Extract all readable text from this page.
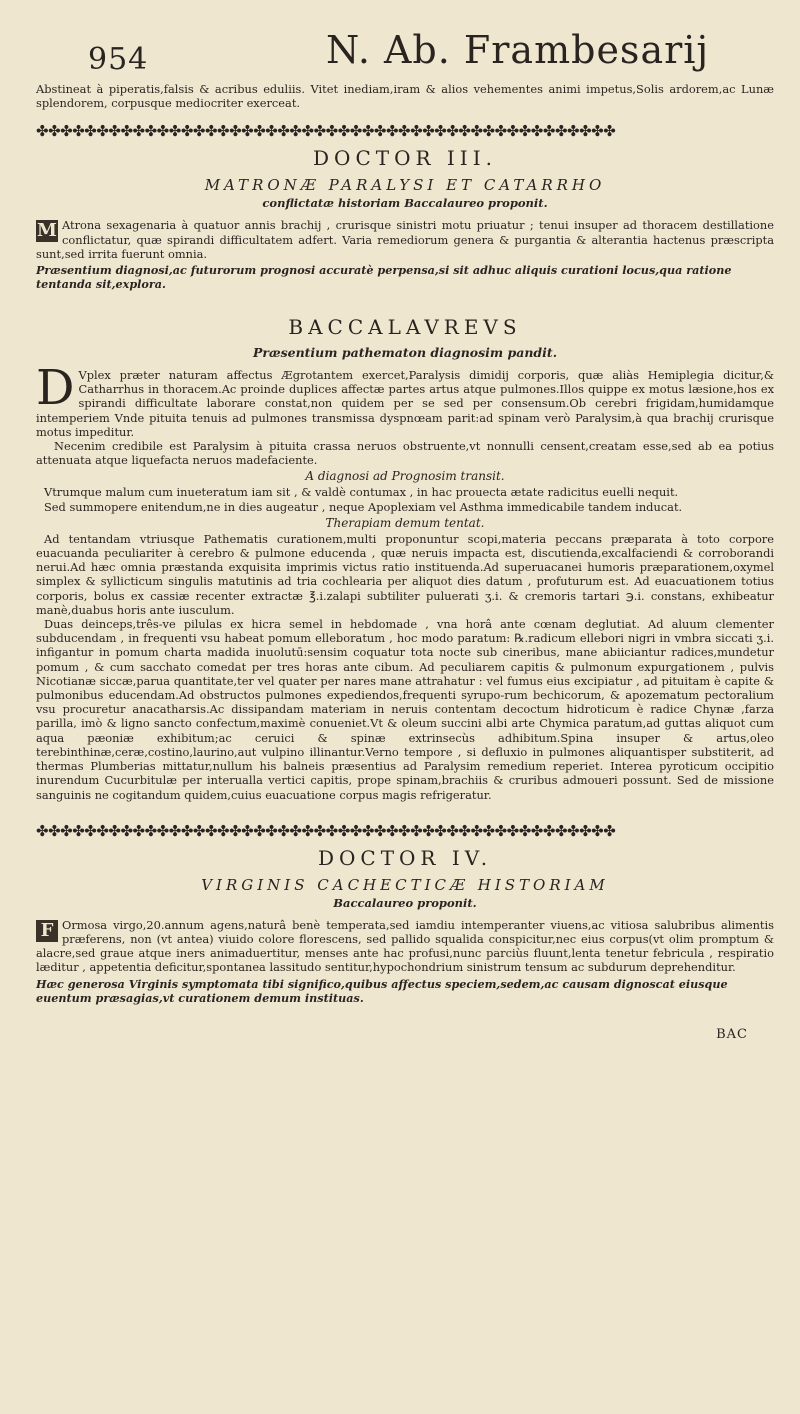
954	N. Ab. Frambesarij

Abstineat à piperatis,falsis & acribus eduliis. Vitet inediam,iram & alios vehementes animi impetus,Solis ardorem,ac Lunæ splendorem, corpusque mediocriter exerceat.

✤✤✤✤✤✤✤✤✤✤✤✤✤✤✤✤✤✤✤✤✤✤✤✤✤✤✤✤✤✤✤✤✤✤✤✤✤✤✤✤✤✤✤✤✤✤✤✤
DOCTOR III.
MATRONÆ PARALYSI ET CATARRHO
conflictatæ historiam Baccalaureo proponit.
M Atrona sexagenaria à quatuor annis brachij , crurisque sinistri motu priuatur ; tenui insuper ad thoracem destillatione conflictatur, quæ spirandi difficultatem adfert. Varia remediorum genera & purgantia & alterantia hactenus præscripta sunt,sed irrita fuerunt omnia.

Præsentium diagnosi,ac futurorum prognosi accuratè perpensa,si sit adhuc aliquis curationi locus,qua ratione tentanda sit,explora.

BACCALAVREVS
Præsentium pathematon diagnosim pandit.
D Vplex præter naturam affectus Ægrotantem exercet,Paralysis dimidij corporis, quæ aliàs Hemiplegia dicitur,& Catharrhus in thoracem.Ac proinde duplices affectæ partes artus atque pulmones.Illos quippe ex motus læsione,hos ex spirandi difficultate laborare constat,non quidem per se sed per consensum.Ob cerebri frigidam,humidamque intemperiem Vnde pituita tenuis ad pulmones transmissa dyspnœam parit:ad spinam verò Paralysim,à qua brachij crurisque motus impeditur.

Necenim credibile est Paralysim à pituita crassa neruos obstruente,vt nonnulli censent,creatam esse,sed ab ea potius attenuata atque liquefacta neruos madefaciente.

A diagnosi ad Prognosim transit.

Vtrumque malum cum inueteratum iam sit , & valdè contumax , in hac prouecta ætate radicitus euelli nequit.

Sed summopere enitendum,ne in dies augeatur , neque Apoplexiam vel Asthma immedicabile tandem inducat.

Therapiam demum tentat.

Ad tentandam vtriusque Pathematis curationem,multi proponuntur scopi,materia peccans præparata à toto corpore euacuanda peculiariter à cerebro & pulmone educenda , quæ neruis impacta est, discutienda,excalfaciendi & corroborandi nerui.Ad hæc omnia præstanda exquisita imprimis victus ratio instituenda.Ad superuacanei humoris præparationem,oxymel simplex & syllicticum singulis matutinis ad tria cochlearia per aliquot dies datum , profuturum est. Ad euacuationem totius corporis, bolus ex cassiæ recenter extractæ ℥.i.zalapi subtiliter puluerati ʒ.i. & cremoris tartari ℈.i. constans, exhibeatur manè,duabus horis ante iusculum.

Duas deinceps,três-ve pilulas ex hicra semel in hebdomade , vna horâ ante cœnam deglutiat. Ad aluum clementer subducendam , in frequenti vsu habeat pomum elleboratum , hoc modo paratum: ℞.radicum ellebori nigri in vmbra siccati ʒ.i. infigantur in pomum charta madida inuolutū:sensim coquatur tota nocte sub cineribus, mane abiiciantur radices,mundetur pomum , & cum sacchato comedat per tres horas ante cibum. Ad peculiarem capitis & pulmonum expurgationem , pulvis Nicotianæ siccæ,parua quantitate,ter vel quater per nares mane attrahatur : vel fumus eius excipiatur , ad pituitam è capite & pulmonibus educendam.Ad obstructos pulmones expediendos,frequenti syrupo-rum bechicorum, & apozematum pectoralium vsu procuretur anacatharsis.Ac dissipandam materiam in neruis contentam decoctum hidroticum è radice Chynæ ,farza parilla, imò & ligno sancto confectum,maximè conueniet.Vt & oleum succini albi arte Chymica paratum,ad guttas aliquot cum aqua pæoniæ exhibitum;ac ceruici & spinæ extrinsecùs adhibitum.Spina insuper & artus,oleo terebinthinæ,ceræ,costino,laurino,aut vulpino illinantur.Verno tempore , si defluxio in pulmones aliquantisper substiterit, ad thermas Plumberias mittatur,nullum his balneis præsentius ad Paralysim remedium reperiet. Interea pyroticum occipitio inurendum Cucurbitulæ per interualla vertici capitis, prope spinam,brachiis & cruribus admoueri possunt. Sed de missione sanguinis ne cogitandum quidem,cuius euacuatione corpus magis refrigeratur.

✤✤✤✤✤✤✤✤✤✤✤✤✤✤✤✤✤✤✤✤✤✤✤✤✤✤✤✤✤✤✤✤✤✤✤✤✤✤✤✤✤✤✤✤✤✤✤✤
DOCTOR IV.
VIRGINIS CACHECTICÆ HISTORIAM
Baccalaureo proponit.
F Ormosa virgo,20.annum agens,naturâ benè temperata,sed iamdiu intemperanter viuens,ac vitiosa salubribus alimentis præferens, non (vt antea) viuido colore florescens, sed pallido squalida conspicitur,nec eius corpus(vt olim promptum & alacre,sed graue atque iners animaduertitur, menses ante hac profusi,nunc parciùs fluunt,lenta tenetur febricula , respiratio læditur , appetentia deficitur,spontanea lassitudo sentitur,hypochondrium sinistrum tensum ac subdurum deprehenditur.

Hæc generosa Virginis symptomata tibi significo,quibus affectus speciem,sedem,ac causam dignoscat eiusque euentum præsagias,vt curationem demum instituas.

BAC
